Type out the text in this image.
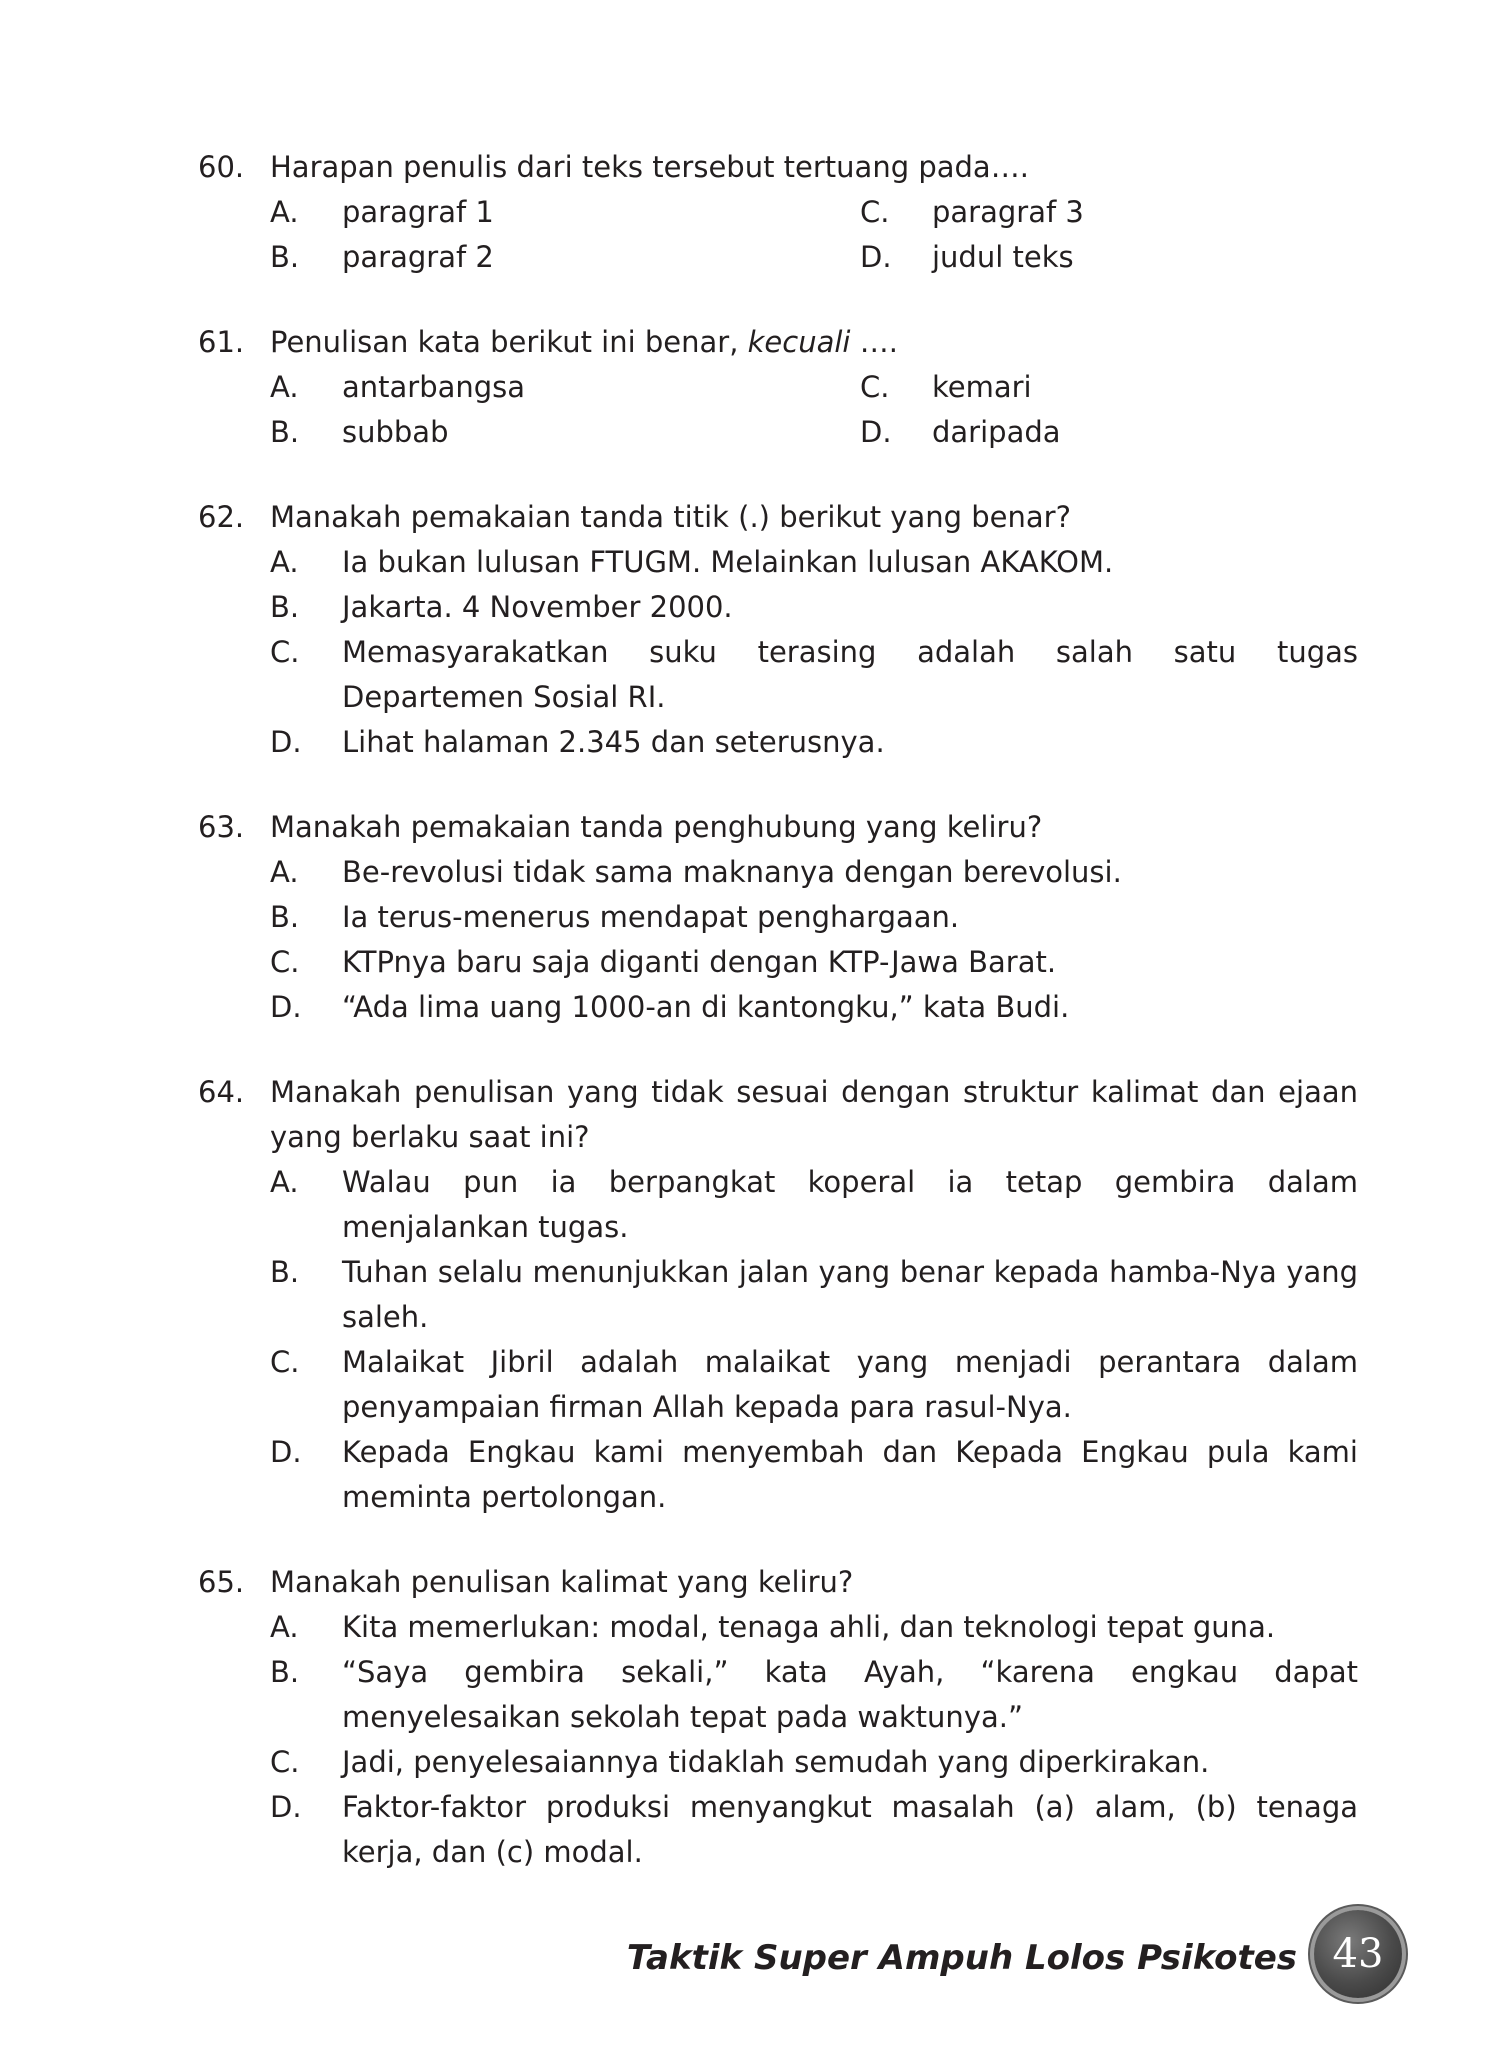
60. Harapan penulis dari teks tersebut tertuang pada….
A.	paragraf 1	C.	paragraf 3
B.	paragraf 2	D.	judul teks
61. Penulisan kata berikut ini benar, kecuali ….
A.	antarbangsa	C.	kemari
B.	subbab	D.	daripada
62. Manakah pemakaian tanda titik (.) berikut yang benar?
A.	Ia bukan lulusan FTUGM. Melainkan lulusan AKAKOM.
B.	Jakarta. 4 November 2000.
C.	Memasyarakatkan suku terasing adalah salah satu tugas Departemen Sosial RI.
D.	Lihat halaman 2.345 dan seterusnya.
63. Manakah pemakaian tanda penghubung yang keliru?
A.	Be-revolusi tidak sama maknanya dengan berevolusi.
B.	Ia terus-menerus mendapat penghargaan.
C.	KTPnya baru saja diganti dengan KTP-Jawa Barat.
D.	“Ada lima uang 1000-an di kantongku,” kata Budi.
64. Manakah penulisan yang tidak sesuai dengan struktur kalimat dan ejaan yang berlaku saat ini?
A.	Walau pun ia berpangkat koperal ia tetap gembira dalam menjalankan tugas.
B.	Tuhan selalu menunjukkan jalan yang benar kepada hamba-Nya yang saleh.
C.	Malaikat Jibril adalah malaikat yang menjadi perantara dalam penyampaian firman Allah kepada para rasul-Nya.
D.	Kepada Engkau kami menyembah dan Kepada Engkau pula kami meminta pertolongan.
65. Manakah penulisan kalimat yang keliru?
A.	Kita memerlukan: modal, tenaga ahli, dan teknologi tepat guna.
B.	“Saya gembira sekali,” kata Ayah, “karena engkau dapat menyelesaikan sekolah tepat pada waktunya.”
C.	Jadi, penyelesaiannya tidaklah semudah yang diperkirakan.
D.	Faktor-faktor produksi menyangkut masalah (a) alam, (b) tenaga kerja, dan (c) modal.
Taktik Super Ampuh Lolos Psikotes 43
